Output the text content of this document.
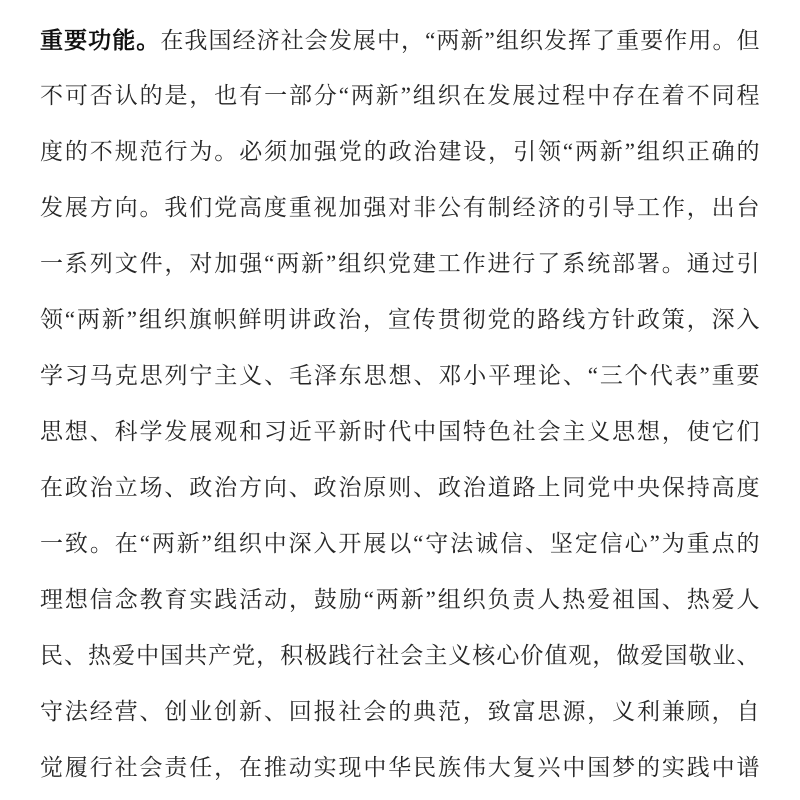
重要功能。在我国经济社会发展中，“两新”组织发挥了重要作用。但
不可否认的是，也有一部分“两新”组织在发展过程中存在着不同程
度的不规范行为。必须加强党的政治建设，引领“两新”组织正确的
发展方向。我们党高度重视加强对非公有制经济的引导工作，出台
一系列文件，对加强“两新”组织党建工作进行了系统部署。通过引
领“两新”组织旗帜鲜明讲政治，宣传贯彻党的路线方针政策，深入
学习马克思列宁主义、毛泽东思想、邓小平理论、“三个代表”重要
思想、科学发展观和习近平新时代中国特色社会主义思想，使它们
在政治立场、政治方向、政治原则、政治道路上同党中央保持高度
一致。在“两新”组织中深入开展以“守法诚信、坚定信心”为重点的
理想信念教育实践活动，鼓励“两新”组织负责人热爱祖国、热爱人
民、热爱中国共产党，积极践行社会主义核心价值观，做爱国敬业、
守法经营、创业创新、回报社会的典范，致富思源，义利兼顾，自
觉履行社会责任，在推动实现中华民族伟大复兴中国梦的实践中谱
